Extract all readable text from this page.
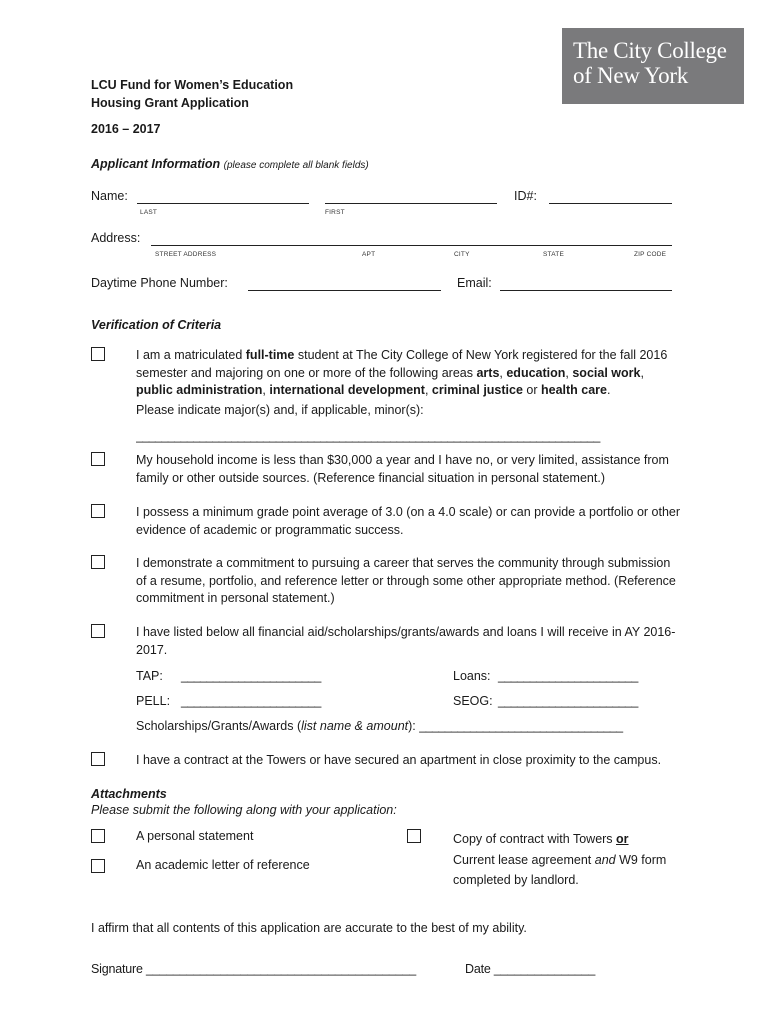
The City College
of New York
LCU Fund for Women’s Education
Housing Grant Application
2016 – 2017
Applicant Information (please complete all blank fields)
Name:
LAST	FIRST
ID#:
Address:
STREET ADDRESS	APT	CITY	STATE	ZIP CODE
Daytime Phone Number:	Email:
Verification of Criteria
I am a matriculated full-time student at The City College of New York registered for the fall 2016
semester and majoring on one or more of the following areas arts, education, social work,
public administration, international development, criminal justice or health care.
Please indicate major(s) and, if applicable, minor(s):
_________________________________________________________________________
My household income is less than $30,000 a year and I have no, or very limited, assistance from family or other outside sources. (Reference financial situation in personal statement.)
I possess a minimum grade point average of 3.0 (on a 4.0 scale) or can provide a portfolio or other evidence of academic or programmatic success.
I demonstrate a commitment to pursuing a career that serves the community through submission of a resume, portfolio, and reference letter or through some other appropriate method. (Reference commitment in personal statement.)
I have listed below all financial aid/scholarships/grants/awards and loans I will receive in AY 2016-2017.
TAP: ______________________	Loans: ______________________
PELL: ______________________	SEOG: ______________________
Scholarships/Grants/Awards (list name & amount): ________________________________
I have a contract at the Towers or have secured an apartment in close proximity to the campus.
Attachments
Please submit the following along with your application:
A personal statement
An academic letter of reference
Copy of contract with Towers or
Current lease agreement and W9 form
completed by landlord.
I affirm that all contents of this application are accurate to the best of my ability.
Signature ________________________________________	Date _______________
